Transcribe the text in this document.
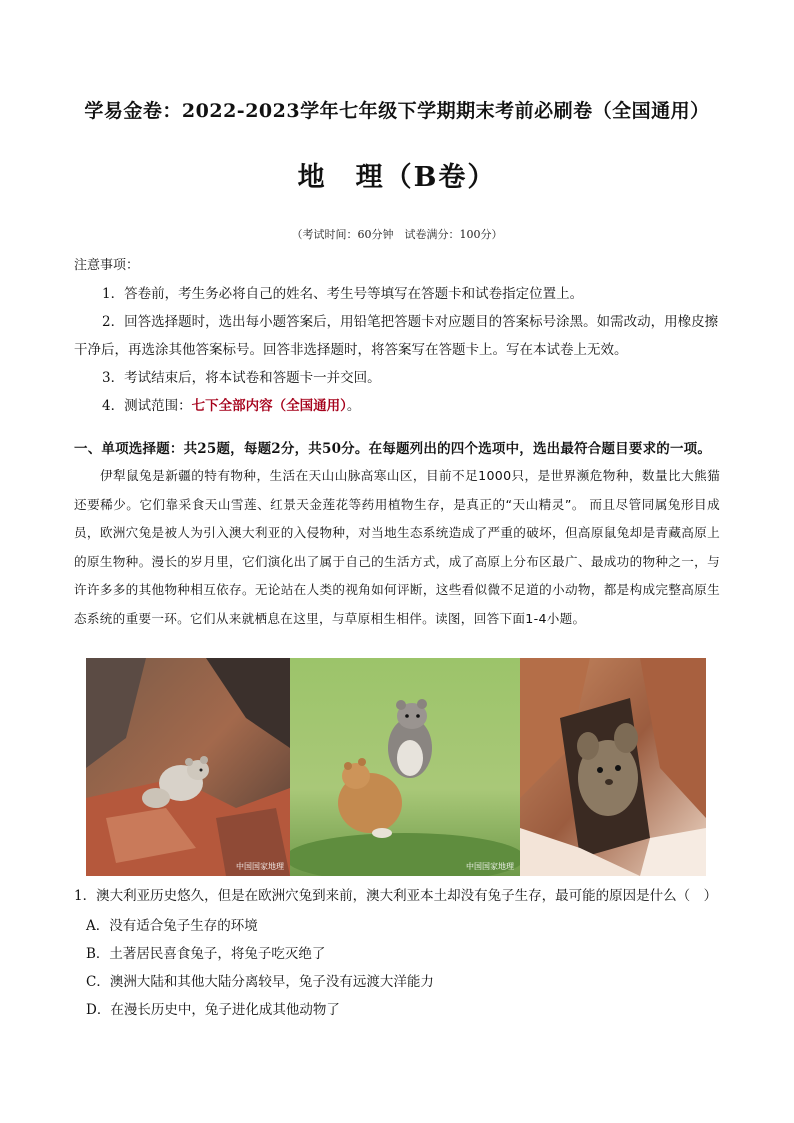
学易金卷：2022-2023学年七年级下学期期末考前必刷卷（全国通用）
地　理（B卷）
（考试时间：60分钟　试卷满分：100分）
注意事项：
1．答卷前，考生务必将自己的姓名、考生号等填写在答题卡和试卷指定位置上。
2．回答选择题时，选出每小题答案后，用铅笔把答题卡对应题目的答案标号涂黑。如需改动，用橡皮擦干净后，再选涂其他答案标号。回答非选择题时，将答案写在答题卡上。写在本试卷上无效。
3．考试结束后，将本试卷和答题卡一并交回。
4．测试范围：七下全部内容（全国通用）。
一、单项选择题：共25题，每题2分，共50分。在每题列出的四个选项中，选出最符合题目要求的一项。
伊犁鼠兔是新疆的特有物种，生活在天山山脉高寒山区，目前不足1000只，是世界濒危物种，数量比大熊猫还要稀少。它们靠采食天山雪莲、红景天金莲花等药用植物生存，是真正的“天山精灵”。 而且尽管同属兔形目成员，欧洲穴兔是被人为引入澳大利亚的入侵物种，对当地生态系统造成了严重的破坏，但高原鼠兔却是青藏高原上的原生物种。漫长的岁月里，它们演化出了属于自己的生活方式，成了高原上分布区最广、最成功的物种之一，与许许多多的其他物种相互依存。无论站在人类的视角如何评断，这些看似微不足道的小动物，都是构成完整高原生态系统的重要一环。它们从来就栖息在这里，与草原相生相伴。读图，回答下面1-4小题。
中国国家地理	中国国家地理
1．澳大利亚历史悠久，但是在欧洲穴兔到来前，澳大利亚本土却没有兔子生存，最可能的原因是什么（　）
A．没有适合兔子生存的环境
B．土著居民喜食兔子，将兔子吃灭绝了
C．澳洲大陆和其他大陆分离较早，兔子没有远渡大洋能力
D．在漫长历史中，兔子进化成其他动物了
